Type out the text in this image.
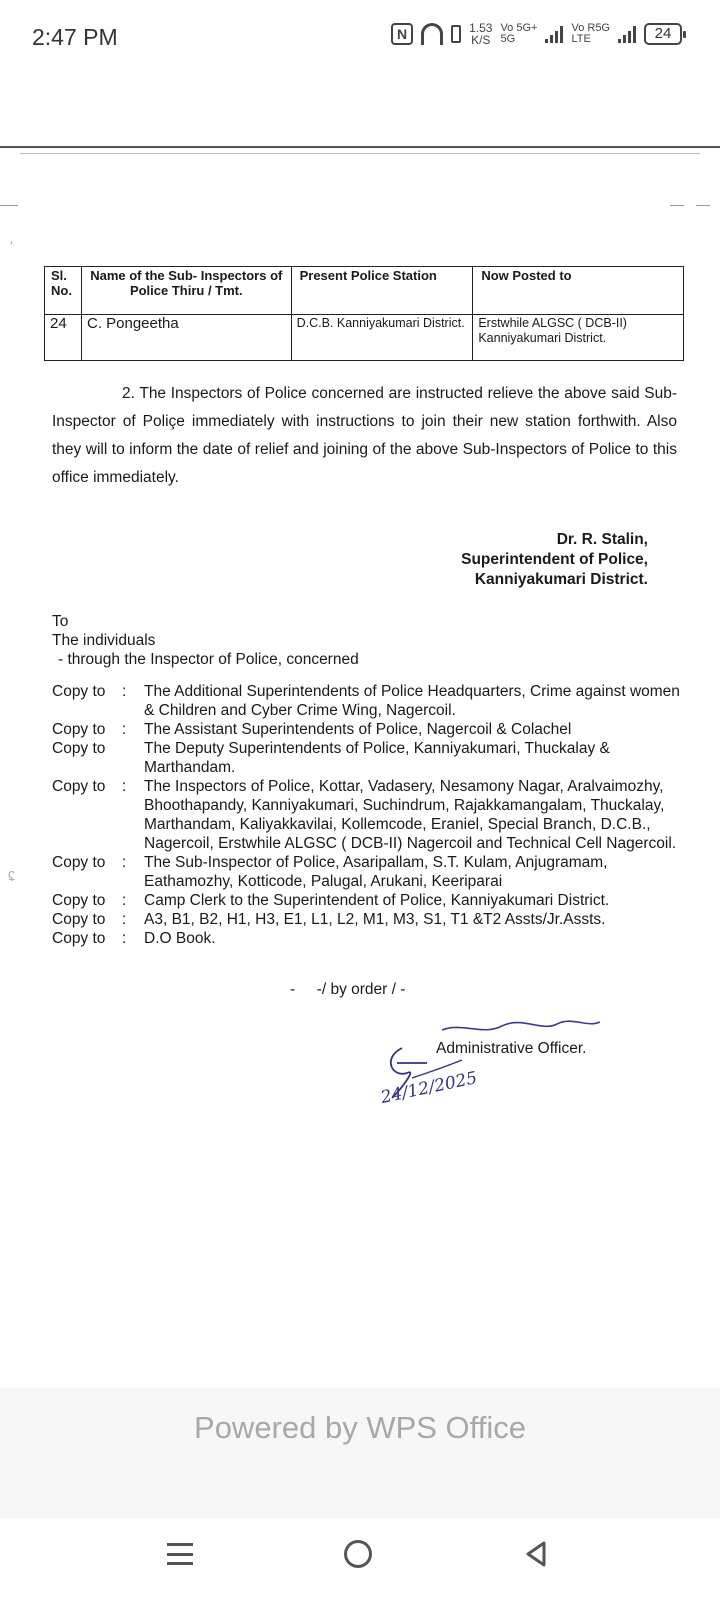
2:47 PM	N	1.53
K/S
Vo 5G+
5G
Vo R5G
LTE	24
ʻ
ʢ
Sl. No.	Name of the Sub- Inspectors of Police Thiru / Tmt.	Present Police Station	Now Posted to
24	C. Pongeetha	D.C.B. Kanniyakumari District.	Erstwhile ALGSC ( DCB-II) Kanniyakumari District.
2. The Inspectors of Police concerned are instructed relieve the above said Sub-Inspector of Poliçe immediately with instructions to join their new station forthwith. Also they will to inform the date of relief and joining of the above Sub-Inspectors of Police to this office immediately.
Dr. R. Stalin,
Superintendent of Police,
Kanniyakumari District.
To
The individuals
- through the Inspector of Police, concerned
Copy to	:	The Additional Superintendents of Police Headquarters, Crime against women & Children and Cyber Crime Wing, Nagercoil.
Copy to	:	The Assistant Superintendents of Police, Nagercoil & Colachel
Copy to	The Deputy Superintendents of Police, Kanniyakumari, Thuckalay & Marthandam.
Copy to	:	The Inspectors of Police, Kottar, Vadasery, Nesamony Nagar, Aralvaimozhy, Bhoothapandy, Kanniyakumari, Suchindrum, Rajakkamangalam, Thuckalay, Marthandam, Kaliyakkavilai, Kollemcode, Eraniel, Special Branch, D.C.B., Nagercoil, Erstwhile ALGSC ( DCB-II) Nagercoil and Technical Cell Nagercoil.
Copy to	:	The Sub-Inspector of Police, Asaripallam, S.T. Kulam, Anjugramam, Eathamozhy, Kotticode, Palugal, Arukani, Keeriparai
Copy to	:	Camp Clerk to the Superintendent of Police, Kanniyakumari District.
Copy to	:	A3, B1, B2, H1, H3, E1, L1, L2, M1, M3, S1, T1 &T2 Assts/Jr.Assts.
Copy to	:	D.O Book.
-     -/ by order / -
Administrative Officer.
24/12/2025
Powered by WPS Office
